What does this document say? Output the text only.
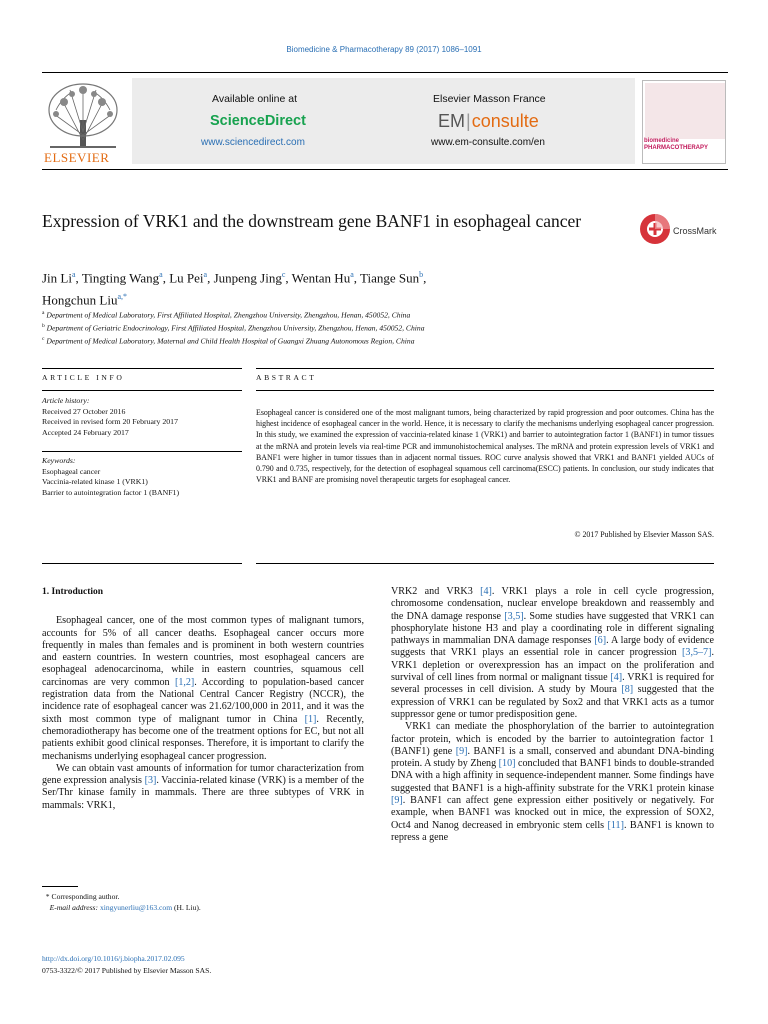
Biomedicine & Pharmacotherapy 89 (2017) 1086–1091
ELSEVIER
Available online at
ScienceDirect
www.sciencedirect.com
Elsevier Masson France
EM|consulte
www.em-consulte.com/en	biomedicine PHARMACOTHERAPY
Expression of VRK1 and the downstream gene BANF1 in esophageal cancer	CrossMark
Jin Li$^a$, Tingting Wang$^a$, Lu Pei$^a$, Junpeng Jing$^c$, Wentan Hu$^a$, Tiange Sun$^b$,
Hongchun Liu$^{a,*}$
$^a$ Department of Medical Laboratory, First Affiliated Hospital, Zhengzhou University, Zhengzhou, Henan, 450052, China
$^b$ Department of Geriatric Endocrinology, First Affiliated Hospital, Zhengzhou University, Zhengzhou, Henan, 450052, China
$^c$ Department of Medical Laboratory, Maternal and Child Health Hospital of Guangxi Zhuang Autonomous Region, China
ARTICLE INFO	ABSTRACT
Article history:
Received 27 October 2016
Received in revised form 20 February 2017
Accepted 24 February 2017
Keywords:
Esophageal cancer
Vaccinia-related kinase 1 (VRK1)
Barrier to autointegration factor 1 (BANF1)
Esophageal cancer is considered one of the most malignant tumors, being characterized by rapid progression and poor outcomes. China has the highest incidence of esophageal cancer in the world. Hence, it is necessary to clarify the mechanisms underlying esophageal cancer progression. In this study, we examined the expression of vaccinia-related kinase 1 (VRK1) and barrier to autointegration factor 1 (BANF1) in tumor tissues at the mRNA and protein levels via real-time PCR and immunohistochemical analyses. The mRNA and protein expression levels of VRK1 and BANF1 were higher in tumor tissues than in adjacent normal tissues. ROC curve analysis showed that VRK1 and BANF1 yielded AUCs of 0.790 and 0.735, respectively, for the detection of esophageal squamous cell carcinoma(ESCC) patients. In conclusion, our study indicates that VRK1 and BANF are promising novel therapeutic targets for esophageal cancer.
© 2017 Published by Elsevier Masson SAS.
1. Introduction

Esophageal cancer, one of the most common types of malignant tumors, accounts for 5% of all cancer deaths. Esophageal cancer occurs more frequently in males than females and is prominent in both western countries and eastern countries. In western countries, most esophageal cancers are esophageal adenocarcinoma, while in eastern countries, squamous cell carcinomas are very common [1,2]. According to population-based cancer registration data from the National Central Cancer Registry (NCCR), the incidence rate of esophageal cancer was 21.62/100,000 in 2011, and it was the sixth most common type of malignant tumor in China [1]. Recently, chemoradiotherapy has become one of the treatment options for EC, but not all patients exhibit good clinical responses. Therefore, it is important to clarify the mechanisms underlying esophageal cancer progression.

We can obtain vast amounts of information for tumor characterization from gene expression analysis [3]. Vaccinia-related kinase (VRK) is a member of the Ser/Thr kinase family in mammals. There are three subtypes of VRK in mammals: VRK1,

VRK2 and VRK3 [4]. VRK1 plays a role in cell cycle progression, chromosome condensation, nuclear envelope breakdown and reassembly and the DNA damage response [3,5]. Some studies have suggested that VRK1 can phosphorylate histone H3 and play a coordinating role in different signaling pathways in mammalian DNA damage responses [6]. A large body of evidence suggests that VRK1 plays an essential role in cancer progression [3,5–7]. VRK1 depletion or overexpression has an impact on the proliferation and survival of cell lines from normal or malignant tissue [4]. VRK1 is required for several processes in cell division. A study by Moura [8] suggested that the expression of VRK1 can be regulated by Sox2 and that VRK1 acts as a tumor suppressor gene or tumor predisposition gene.

VRK1 can mediate the phosphorylation of the barrier to autointegration factor protein, which is encoded by the barrier to autointegration factor 1 (BANF1) gene [9]. BANF1 is a small, conserved and abundant DNA-binding protein. A study by Zheng [10] concluded that BANF1 binds to double-stranded DNA with a high affinity in sequence-independent manner. Some findings have suggested that BANF1 is a high-affinity substrate for the VRK1 protein kinase [9]. BANF1 can affect gene expression either positively or negatively. For example, when BANF1 was knocked out in mice, the expression of SOX2, Oct4 and Nanog decreased in embryonic stem cells [11]. BANF1 is known to repress a gene

* Corresponding author.
E-mail address: xingyunerliu@163.com (H. Liu).
http://dx.doi.org/10.1016/j.biopha.2017.02.095
0753-3322/© 2017 Published by Elsevier Masson SAS.
